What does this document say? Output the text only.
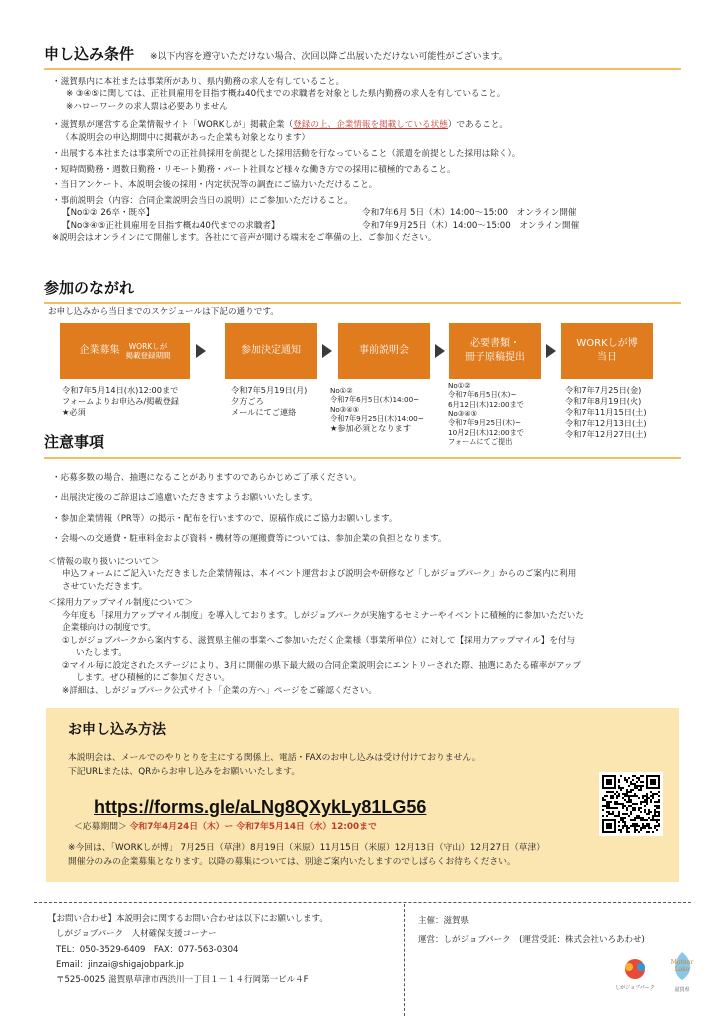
申し込み条件 ※以下内容を遵守いただけない場合、次回以降ご出展いただけない可能性がございます。
・滋賀県内に本社または事業所があり、県内勤務の求人を有していること。
※ ③④⑤に関しては、正社員雇用を目指す概ね40代までの求職者を対象とした県内勤務の求人を有していること。
※ハローワークの求人票は必要ありません
・滋賀県が運営する企業情報サイト「WORKしが」掲載企業（登録の上、企業情報を掲載している状態）であること。
（本説明会の申込期間中に掲載があった企業も対象となります）
・出展する本社または事業所での正社員採用を前提とした採用活動を行なっていること（派遣を前提とした採用は除く）。
・短時間勤務・週数日勤務・リモート勤務・パート社員など様々な働き方での採用に積極的であること。
・当日アンケート、本説明会後の採用・内定状況等の調査にご協力いただけること。
・事前説明会（内容：合同企業説明会当日の説明）にご参加いただけること。
【No①② 26卒・既卒】	令和7年6月 5日（木）14:00～15:00　オンライン開催
【No③④⑤正社員雇用を目指す概ね40代までの求職者】	令和7年9月25日（木）14:00～15:00　オンライン開催
※説明会はオンラインにて開催します。各社にて音声が聞ける端末をご準備の上、ご参加ください。
参加のながれ
お申し込みから当日までのスケジュールは下記の通りです。
企業募集	WORKしが
掲載登録期間	参加決定通知	事前説明会
必要書類・
冊子原稿提出
WORKしが博
当日
令和7年5月14日(水)12:00まで
フォームよりお申込み/掲載登録
★必須
令和7年5月19日(月)
夕方ごろ
メールにてご連絡
No①②
令和7年6月5日(木)14:00~
No③④⑤
令和7年9月25日(木)14:00~
★参加必須となります
No①②
令和7年6月5日(木)~
6月12日(木)12:00まで
No③④⑤
令和7年9月25日(木)~
10月2日(木)12:00まで
フォームにてご提出
令和7年7月25日(金)
令和7年8月19日(火)
令和7年11月15日(土)
令和7年12月13日(土)
令和7年12月27日(土)
注意事項

・応募多数の場合、抽選になることがありますのであらかじめご了承ください。

・出展決定後のご辞退はご遠慮いただきますようお願いいたします。

・参加企業情報（PR等）の掲示・配布を行いますので、原稿作成にご協力お願いします。

・会場への交通費・駐車料金および資料・機材等の運搬費等については、参加企業の負担となります。

＜情報の取り扱いについて＞
申込フォームにご記入いただきました企業情報は、本イベント運営および説明会や研修など「しがジョブパーク」からのご案内に利用
させていただきます。
＜採用力アップマイル制度について＞
今年度も「採用力アップマイル制度」を導入しております。しがジョブパークが実施するセミナーやイベントに積極的に参加いただいた
企業様向けの制度です。
①しがジョブパークから案内する、滋賀県主催の事業へご参加いただく企業様（事業所単位）に対して【採用力アップマイル】を付与
いたします。
②マイル毎に設定されたステージにより、3月に開催の県下最大級の合同企業説明会にエントリーされた際、抽選にあたる確率がアップ
します。ぜひ積極的にご参加ください。
※詳細は、しがジョブパーク公式サイト「企業の方へ」ページをご確認ください。
お申し込み方法
本説明会は、メールでのやりとりを主にする関係上、電話・FAXのお申し込みは受け付けておりません。
下記URLまたは、QRからお申し込みをお願いいたします。
https://forms.gle/aLNg8QXykLy81LG56
＜応募期間＞ 令和7年4月24日（木）ー 令和7年5月14日（水）12:00まで
※今回は、「WORKしが博」 7月25日（草津）8月19日（米原）11月15日（米原）12月13日（守山）12月27日（草津）
開催分のみの企業募集となります。以降の募集については、別途ご案内いたしますのでしばらくお待ちください。
【お問い合わせ】本説明会に関するお問い合わせは以下にお願いします。
しがジョブパーク　人材確保支援コーナー
TEL：050-3529-6409　FAX：077-563-0304
Email：jinzai@shigajobpark.jp
〒525-0025 滋賀県草津市西渋川一丁目１－１４行岡第一ビル４F
主催：滋賀県
運営：しがジョブパーク　(運営受託：株式会社いろあわせ)
しがジョブパーク
Mother
Lake
滋賀県
